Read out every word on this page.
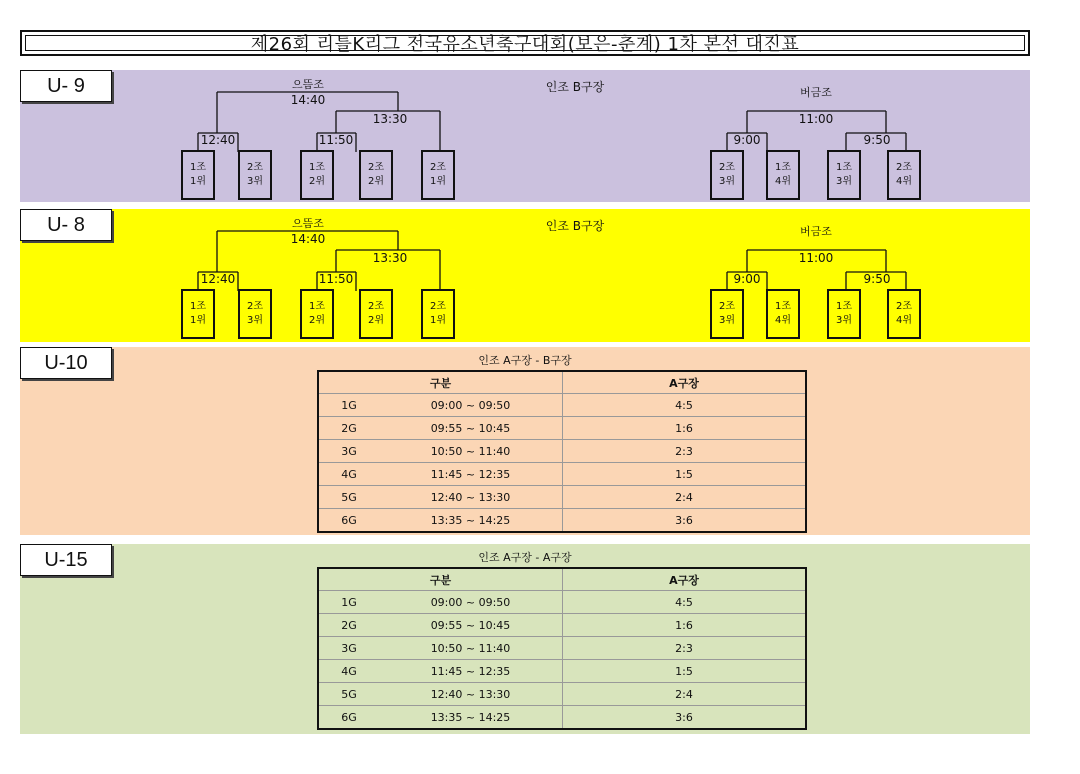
제26회 리틀K리그 전국유소년축구대회(보은-춘계) 1차 본선 대진표
U- 9	으뜸조	인조 B구장	버금조
14:40
13:30
12:40	11:50
11:00
9:00	9:50
1조
1위
2조
3위
1조
2위
2조
2위
2조
1위
2조
3위
1조
4위
1조
3위
2조
4위
U- 8	으뜸조	인조 B구장	버금조
14:40
13:30
12:40	11:50
11:00
9:00	9:50
1조
1위
2조
3위
1조
2위
2조
2위
2조
1위
2조
3위
1조
4위
1조
3위
2조
4위
U-10	인조 A구장 - B구장
구분	A구장
1G	09:00 ~ 09:50	4:5
2G	09:55 ~ 10:45	1:6
3G	10:50 ~ 11:40	2:3
4G	11:45 ~ 12:35	1:5
5G	12:40 ~ 13:30	2:4
6G	13:35 ~ 14:25	3:6
U-15	인조 A구장 - A구장
구분	A구장
1G	09:00 ~ 09:50	4:5
2G	09:55 ~ 10:45	1:6
3G	10:50 ~ 11:40	2:3
4G	11:45 ~ 12:35	1:5
5G	12:40 ~ 13:30	2:4
6G	13:35 ~ 14:25	3:6
